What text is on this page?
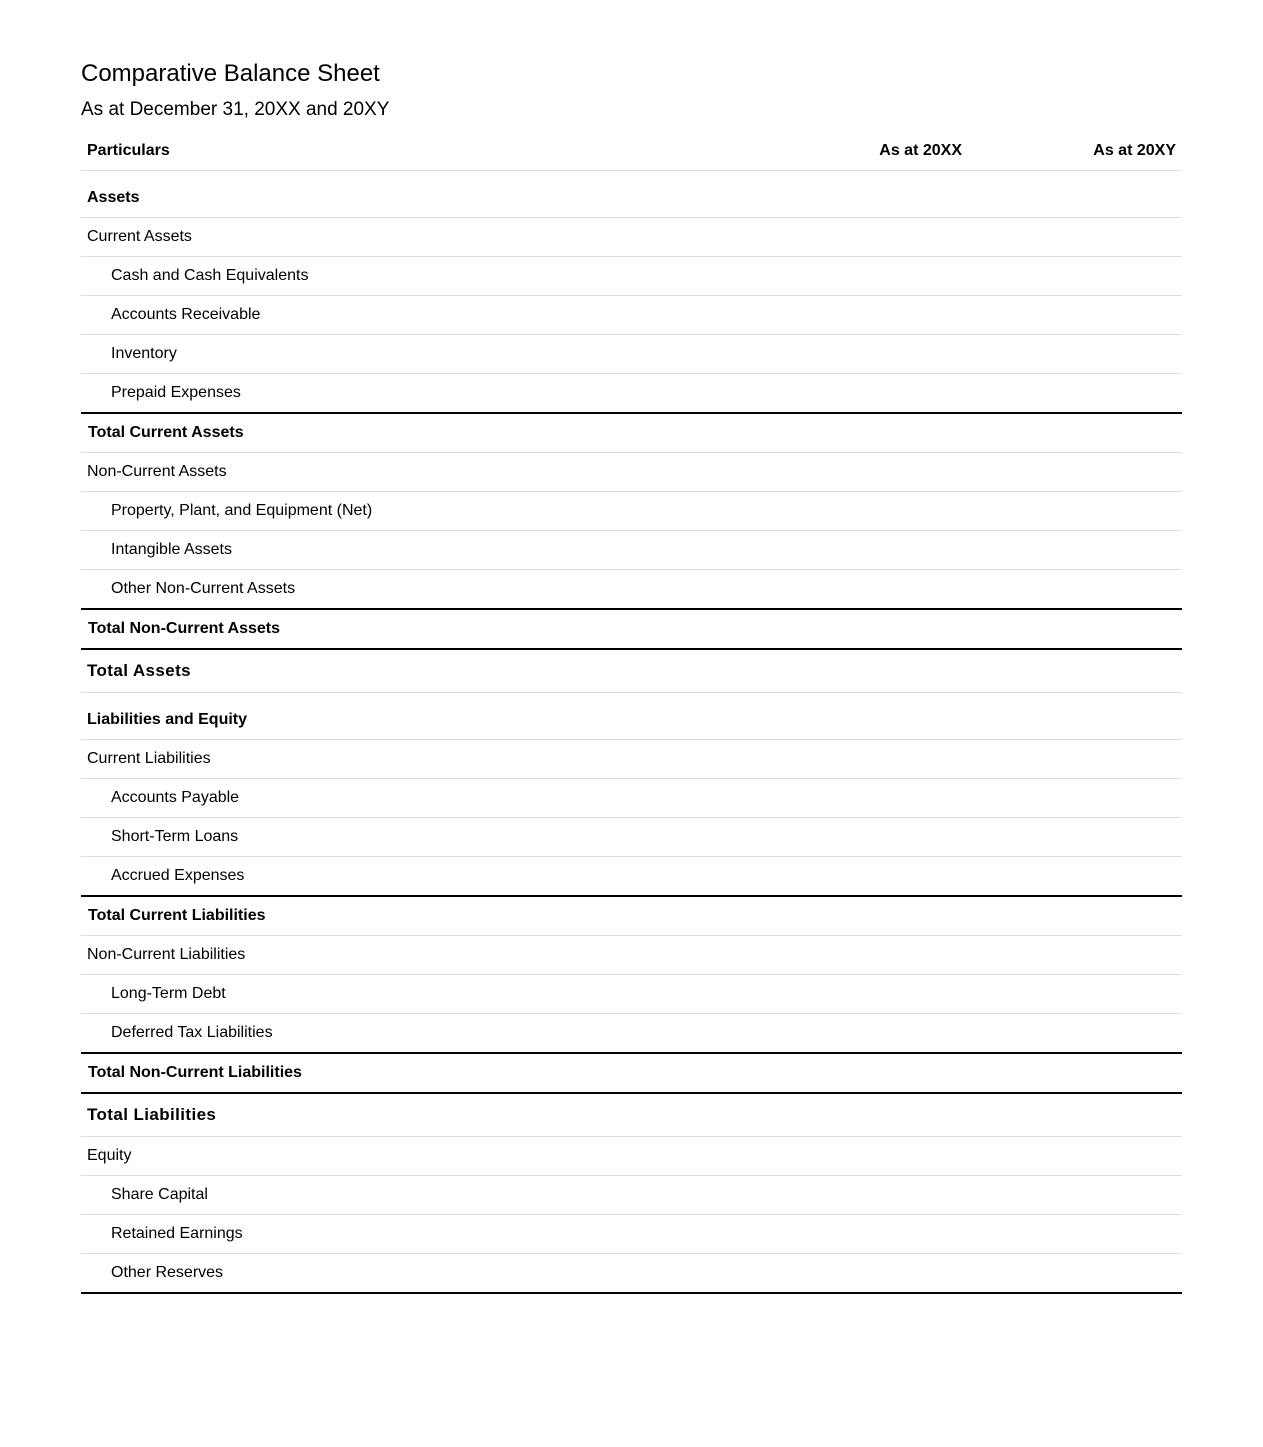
Comparative Balance Sheet
As at December 31, 20XX and 20XY
Particulars	As at 20XX	As at 20XY
Assets		
Current Assets		
Cash and Cash Equivalents		
Accounts Receivable		
Inventory		
Prepaid Expenses		
Total Current Assets		
Non-Current Assets		
Property, Plant, and Equipment (Net)		
Intangible Assets		
Other Non-Current Assets		
Total Non-Current Assets		
Total Assets		
Liabilities and Equity		
Current Liabilities		
Accounts Payable		
Short-Term Loans		
Accrued Expenses		
Total Current Liabilities		
Non-Current Liabilities		
Long-Term Debt		
Deferred Tax Liabilities		
Total Non-Current Liabilities		
Total Liabilities		
Equity		
Share Capital		
Retained Earnings		
Other Reserves		
